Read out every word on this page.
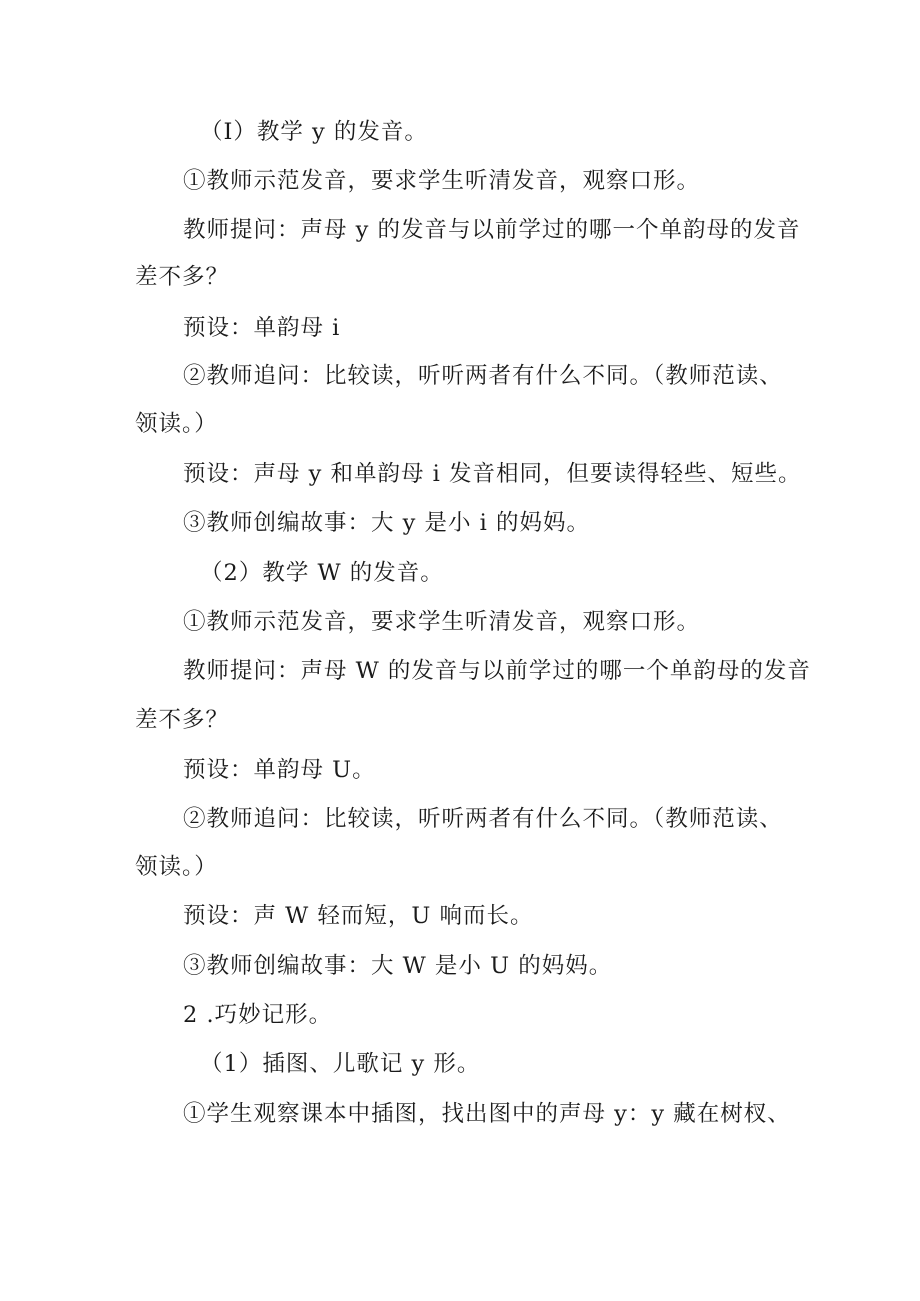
（I）教学 y 的发音。
①教师示范发音，要求学生听清发音，观察口形。
教师提问：声母 y 的发音与以前学过的哪一个单韵母的发音
差不多？
预设：单韵母 i
②教师追问：比较读，听听两者有什么不同。（教师范读、
领读。）
预设：声母 y 和单韵母 i 发音相同，但要读得轻些、短些。
③教师创编故事：大 y 是小 i 的妈妈。
（2）教学 W 的发音。
①教师示范发音，要求学生听清发音，观察口形。
教师提问：声母 W 的发音与以前学过的哪一个单韵母的发音
差不多？
预设：单韵母 U。
②教师追问：比较读，听听两者有什么不同。（教师范读、
领读。）
预设：声 W 轻而短，U 响而长。
③教师创编故事：大 W 是小 U 的妈妈。
2 .巧妙记形。
（1）插图、儿歌记 y 形。
①学生观察课本中插图，找出图中的声母 y：y 藏在树杈、
